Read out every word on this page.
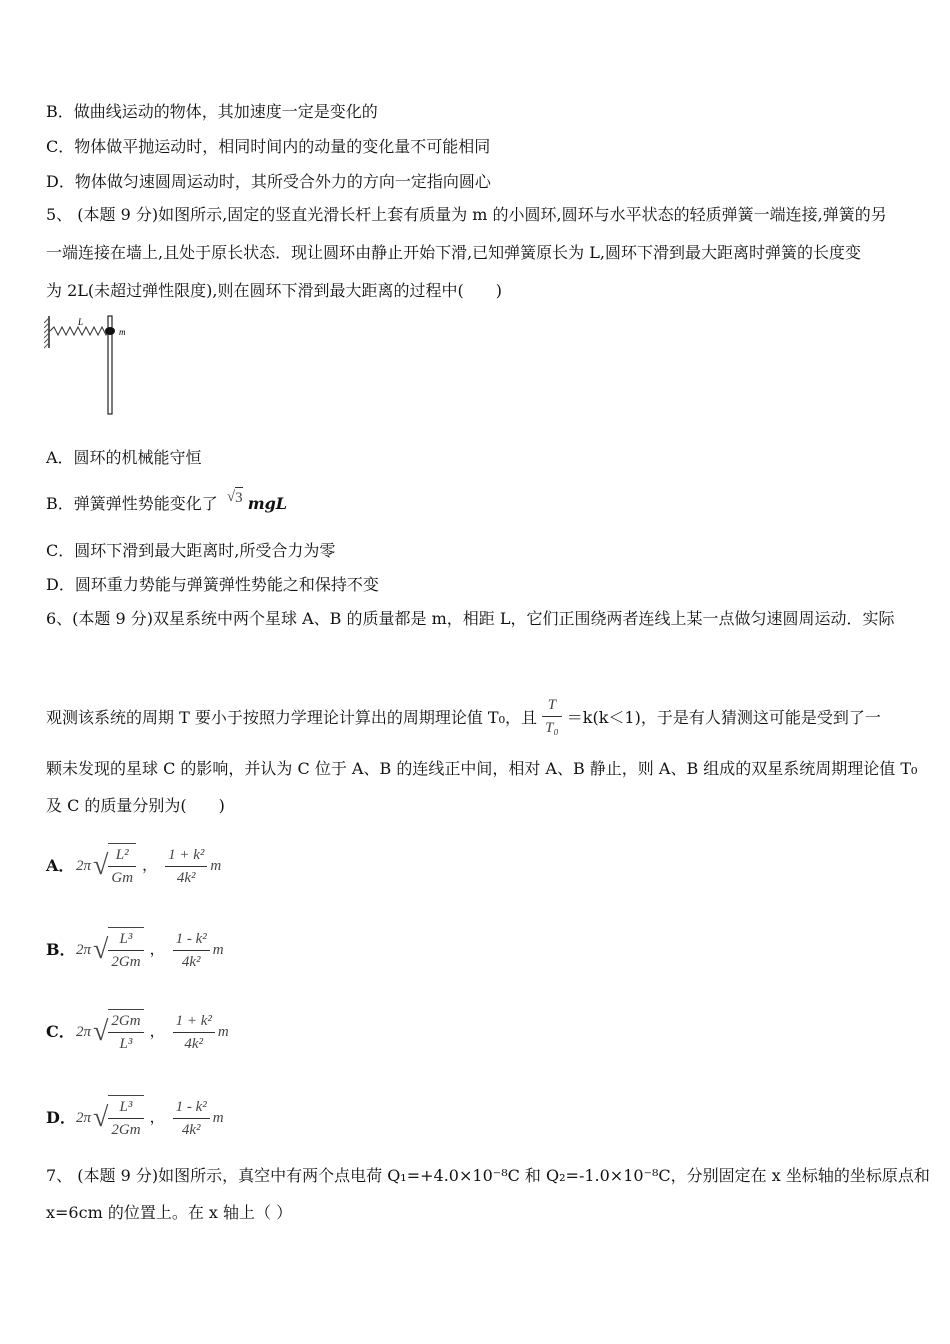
B．做曲线运动的物体，其加速度一定是变化的
C．物体做平抛运动时，相同时间内的动量的变化量不可能相同
D．物体做匀速圆周运动时，其所受合外力的方向一定指向圆心
5、 (本题 9 分)如图所示,固定的竖直光滑长杆上套有质量为 m 的小圆环,圆环与水平状态的轻质弹簧一端连接,弹簧的另
一端连接在墙上,且处于原长状态．现让圆环由静止开始下滑,已知弹簧原长为 L,圆环下滑到最大距离时弹簧的长度变
为 2L(未超过弹性限度),则在圆环下滑到最大距离的过程中(　　)
L
m
A．圆环的机械能守恒
B．弹簧弹性势能变化了 √3 mgL
C．圆环下滑到最大距离时,所受合力为零
D．圆环重力势能与弹簧弹性势能之和保持不变
6、(本题 9 分)双星系统中两个星球 A、B 的质量都是 m，相距 L，它们正围绕两者连线上某一点做匀速圆周运动．实际
观测该系统的周期 T 要小于按照力学理论计算出的周期理论值 T₀，且 $\frac{T}{\text{T₀}} =k(k<1)$，于是有人猜测这可能是受到了一
颗未发现的星球 C 的影响，并认为 C 位于 A、B 的连线正中间，相对 A、B 静止，则 A、B 组成的双星系统周期理论值 T₀
及 C 的质量分别为(　　)
A． 2π √ $\frac{\text{L²}}{Gm}$ ， $\frac{\text{1 + k²}}{\text{4k²}}$ m
B． 2π √ $\frac{\text{L³}}{2Gm}$ ， $\frac{\text{1 - k²}}{\text{4k²}}$ m
C． 2π √ $\frac{2Gm}{\text{L³}}$ ， $\frac{\text{1 + k²}}{\text{4k²}}$ m
D． 2π √ $\frac{\text{L³}}{2Gm}$ ， $\frac{\text{1 - k²}}{\text{4k²}}$ m
7、 (本题 9 分)如图所示，真空中有两个点电荷 Q₁=+4.0×10⁻⁸C 和 Q₂=-1.0×10⁻⁸C，分别固定在 x 坐标轴的坐标原点和
x=6cm 的位置上。在 x 轴上（ ）
